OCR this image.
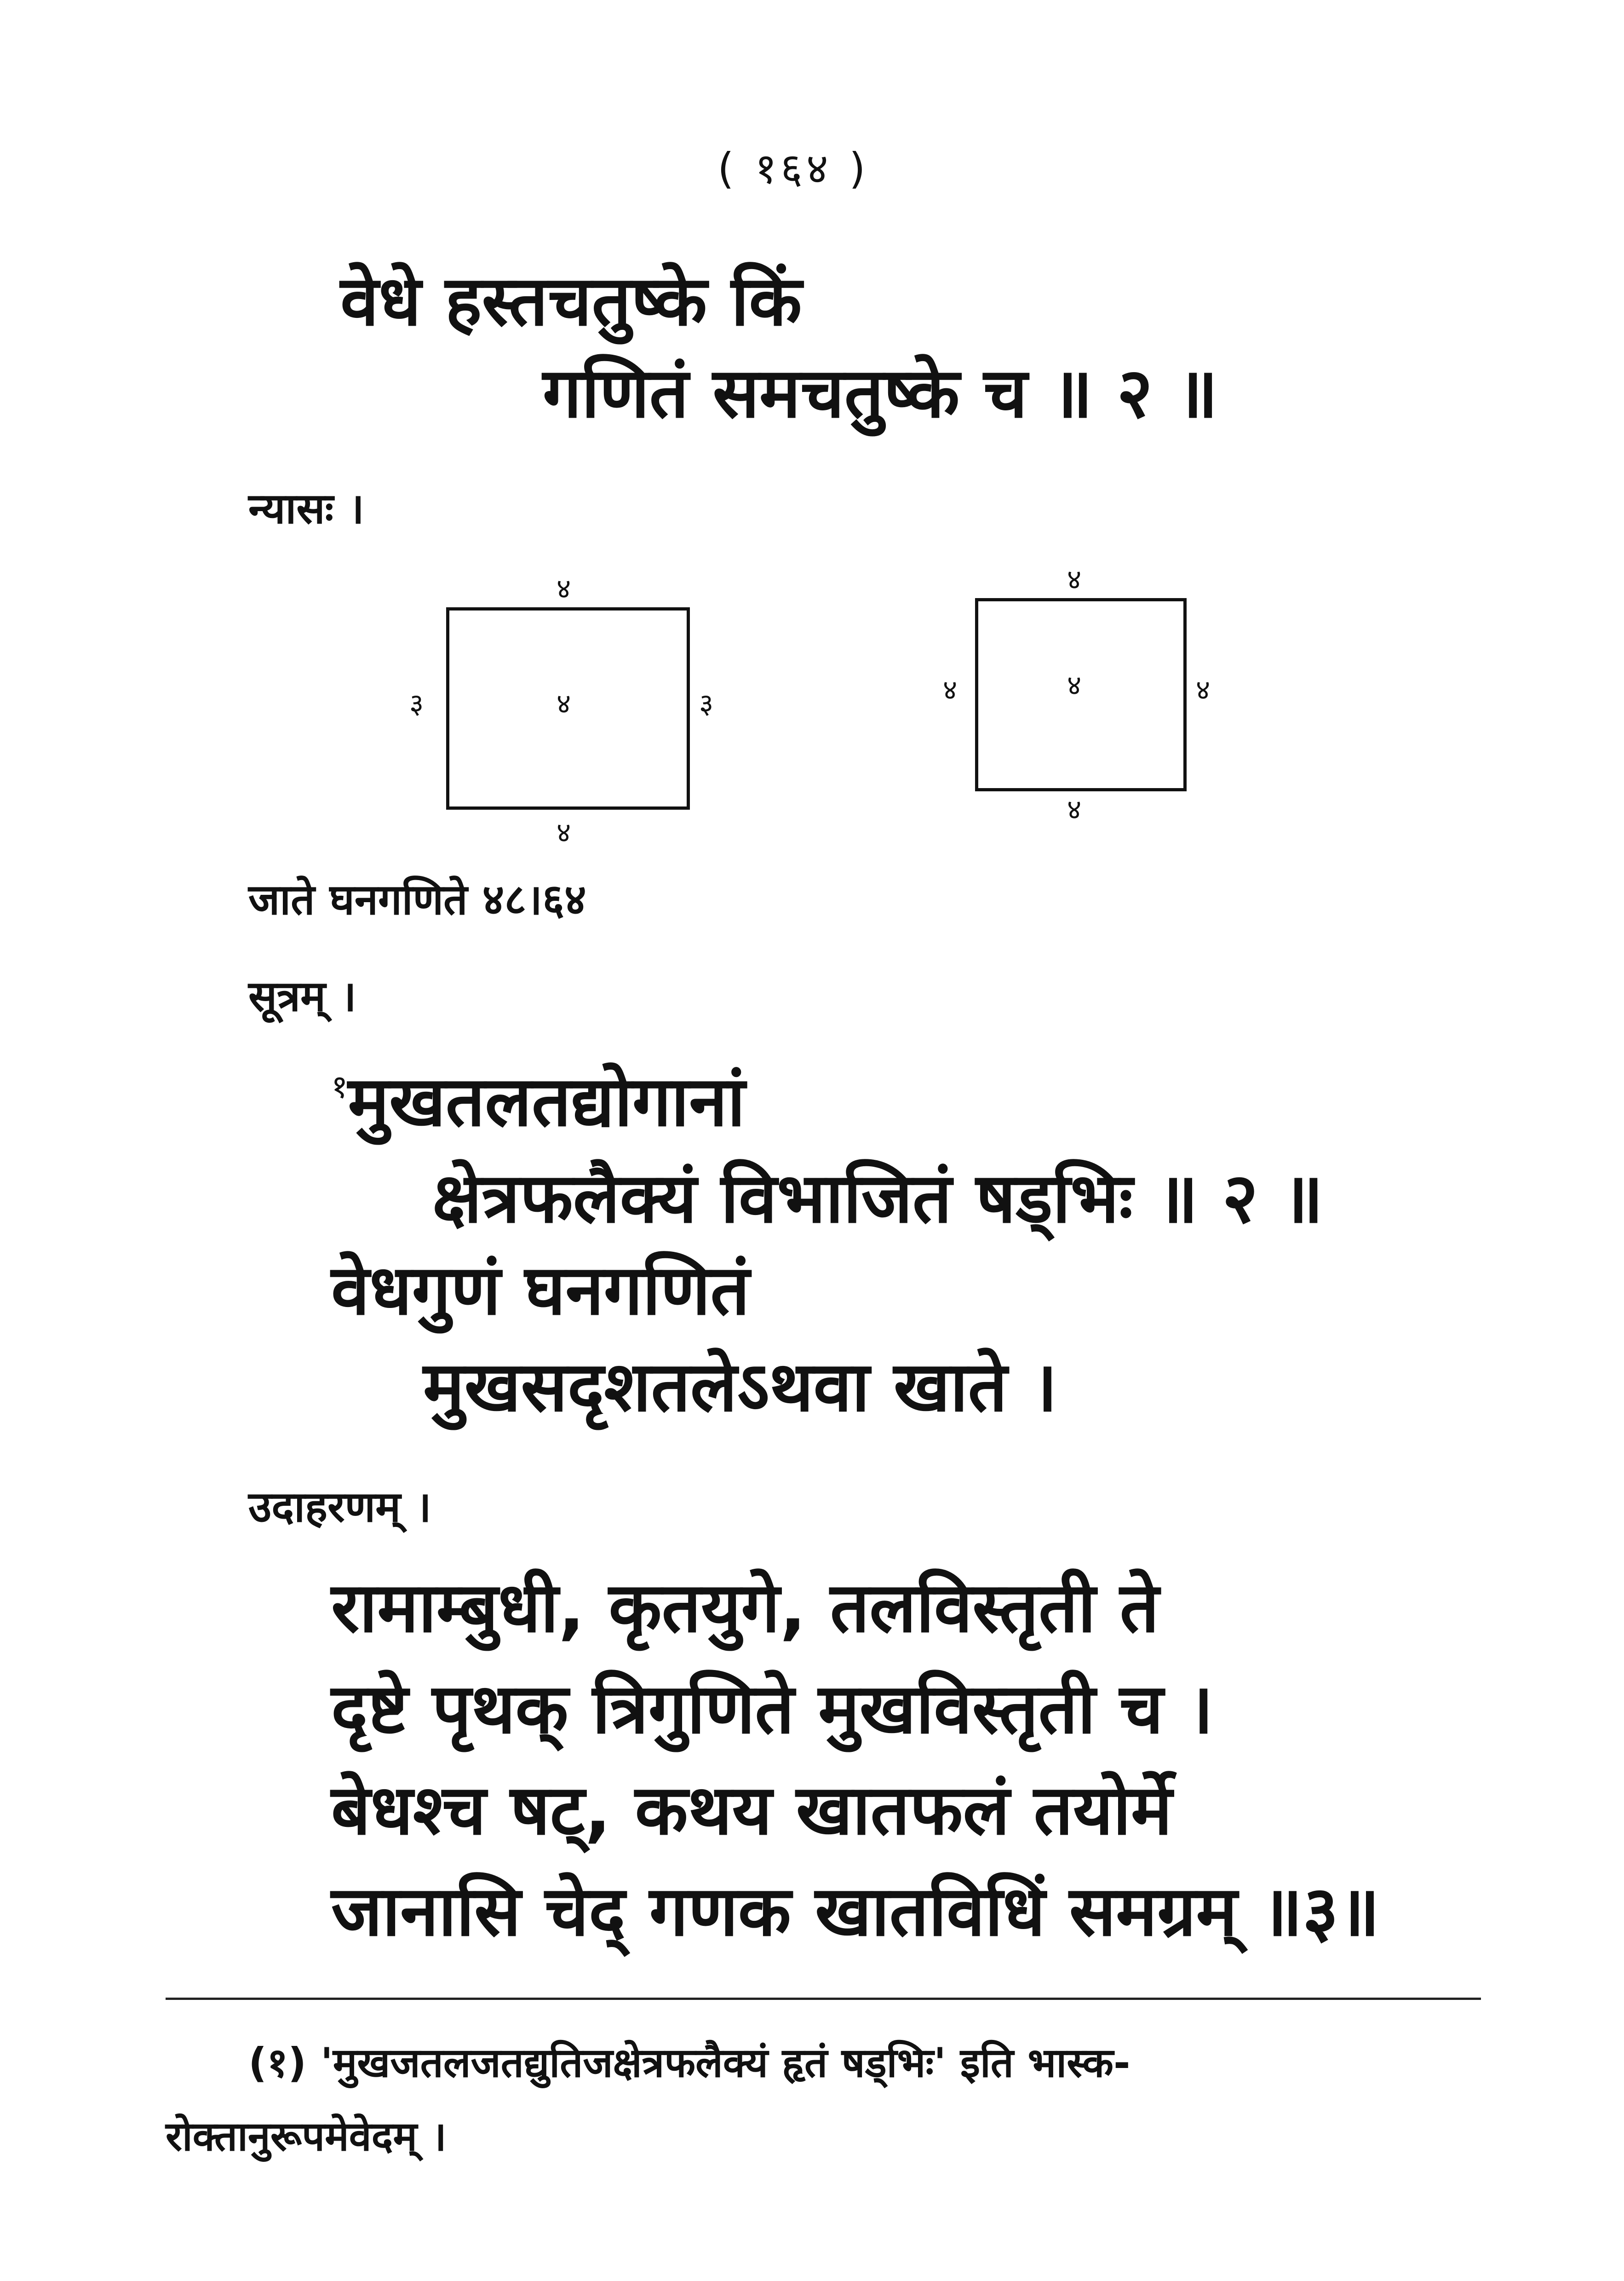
( १६४ )
वेधे हस्तचतुष्के किं
गणितं समचतुष्के च ॥ २ ॥
न्यासः ।
४
४
३	३
४
४
४
४	४
४
जाते घनगणिते ४८।६४
सूत्रम् ।
$^१$मुखतलतद्योगानां
क्षेत्रफलैक्यं विभाजितं षड्भिः ॥ २ ॥
वेधगुणं घनगणितं
मुखसदृशतलेऽथवा खाते ।
उदाहरणम् ।
रामाम्बुधी, कृतयुगे, तलविस्तृती ते
दृष्टे पृथक् त्रिगुणिते मुखविस्तृती च ।
बेधश्च षट्, कथय खातफलं तयोर्मे
जानासि चेद् गणक खातविधिं समग्रम् ॥३॥
(१) 'मुखजतलजतद्युतिजक्षेत्रफलैक्यं हृतं षड्भिः' इति भास्क-
रोक्तानुरूपमेवेदम् ।
